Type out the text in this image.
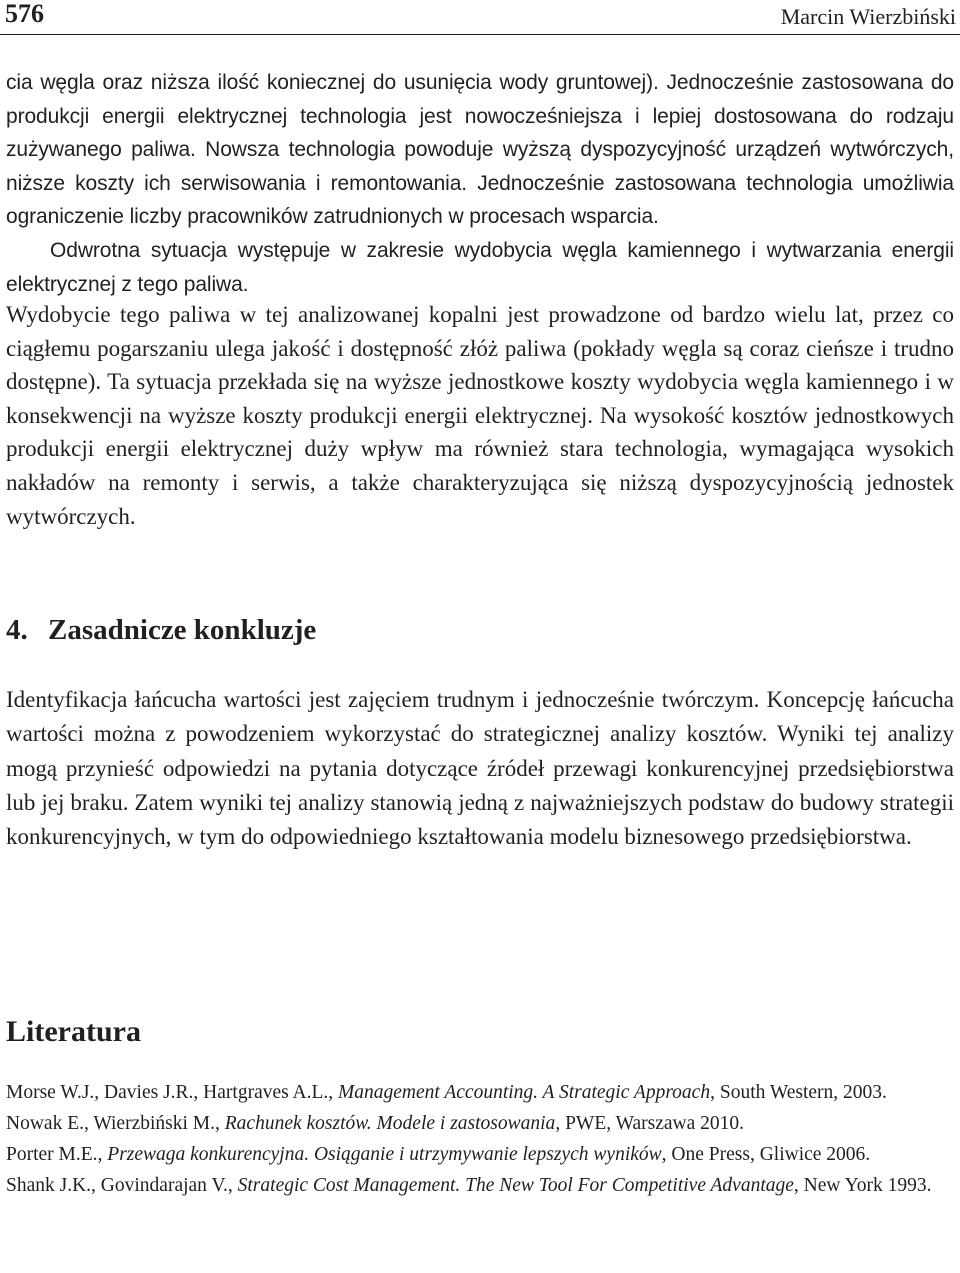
576	Marcin Wierzbiński

cia węgla oraz niższa ilość koniecznej do usunięcia wody gruntowej). Jednocześnie zastosowana do produkcji energii elektrycznej technologia jest nowocześniejsza i lepiej dostosowana do rodzaju zużywanego paliwa. Nowsza technologia powoduje wyższą dyspozycyjność urządzeń wytwórczych, niższe koszty ich serwisowania i remontowania. Jednocześnie zastosowana technologia umożliwia ograniczenie liczby pracowników zatrudnionych w procesach wsparcia.

Odwrotna sytuacja występuje w zakresie wydobycia węgla kamiennego i wytwarzania energii elektrycznej z tego paliwa.

Wydobycie tego paliwa w tej analizowanej kopalni jest prowadzone od bardzo wielu lat, przez co ciągłemu pogarszaniu ulega jakość i dostępność złóż paliwa (pokłady węgla są coraz cieńsze i trudno dostępne). Ta sytuacja przekłada się na wyższe jednostkowe koszty wydobycia węgla kamiennego i w konsekwencji na wyższe koszty produkcji energii elektrycznej. Na wysokość kosztów jednostkowych produkcji energii elektrycznej duży wpływ ma również stara technologia, wymagająca wysokich nakładów na remonty i serwis, a także charakteryzująca się niższą dyspozycyjnością jednostek wytwórczych.

4. Zasadnicze konkluzje

Identyfikacja łańcucha wartości jest zajęciem trudnym i jednocześnie twórczym. Koncepcję łańcucha wartości można z powodzeniem wykorzystać do strategicznej analizy kosztów. Wyniki tej analizy mogą przynieść odpowiedzi na pytania dotyczące źródeł przewagi konkurencyjnej przedsiębiorstwa lub jej braku. Zatem wyniki tej analizy stanowią jedną z najważniejszych podstaw do budowy strategii konkurencyjnych, w tym do odpowiedniego kształtowania modelu biznesowego przedsiębiorstwa.

Literatura
Morse W.J., Davies J.R., Hartgraves A.L., Management Accounting. A Strategic Approach, South Western, 2003.
Nowak E., Wierzbiński M., Rachunek kosztów. Modele i zastosowania, PWE, Warszawa 2010.
Porter M.E., Przewaga konkurencyjna. Osiąganie i utrzymywanie lepszych wyników, One Press, Gliwice 2006.
Shank J.K., Govindarajan V., Strategic Cost Management. The New Tool For Competitive Advantage, New York 1993.
